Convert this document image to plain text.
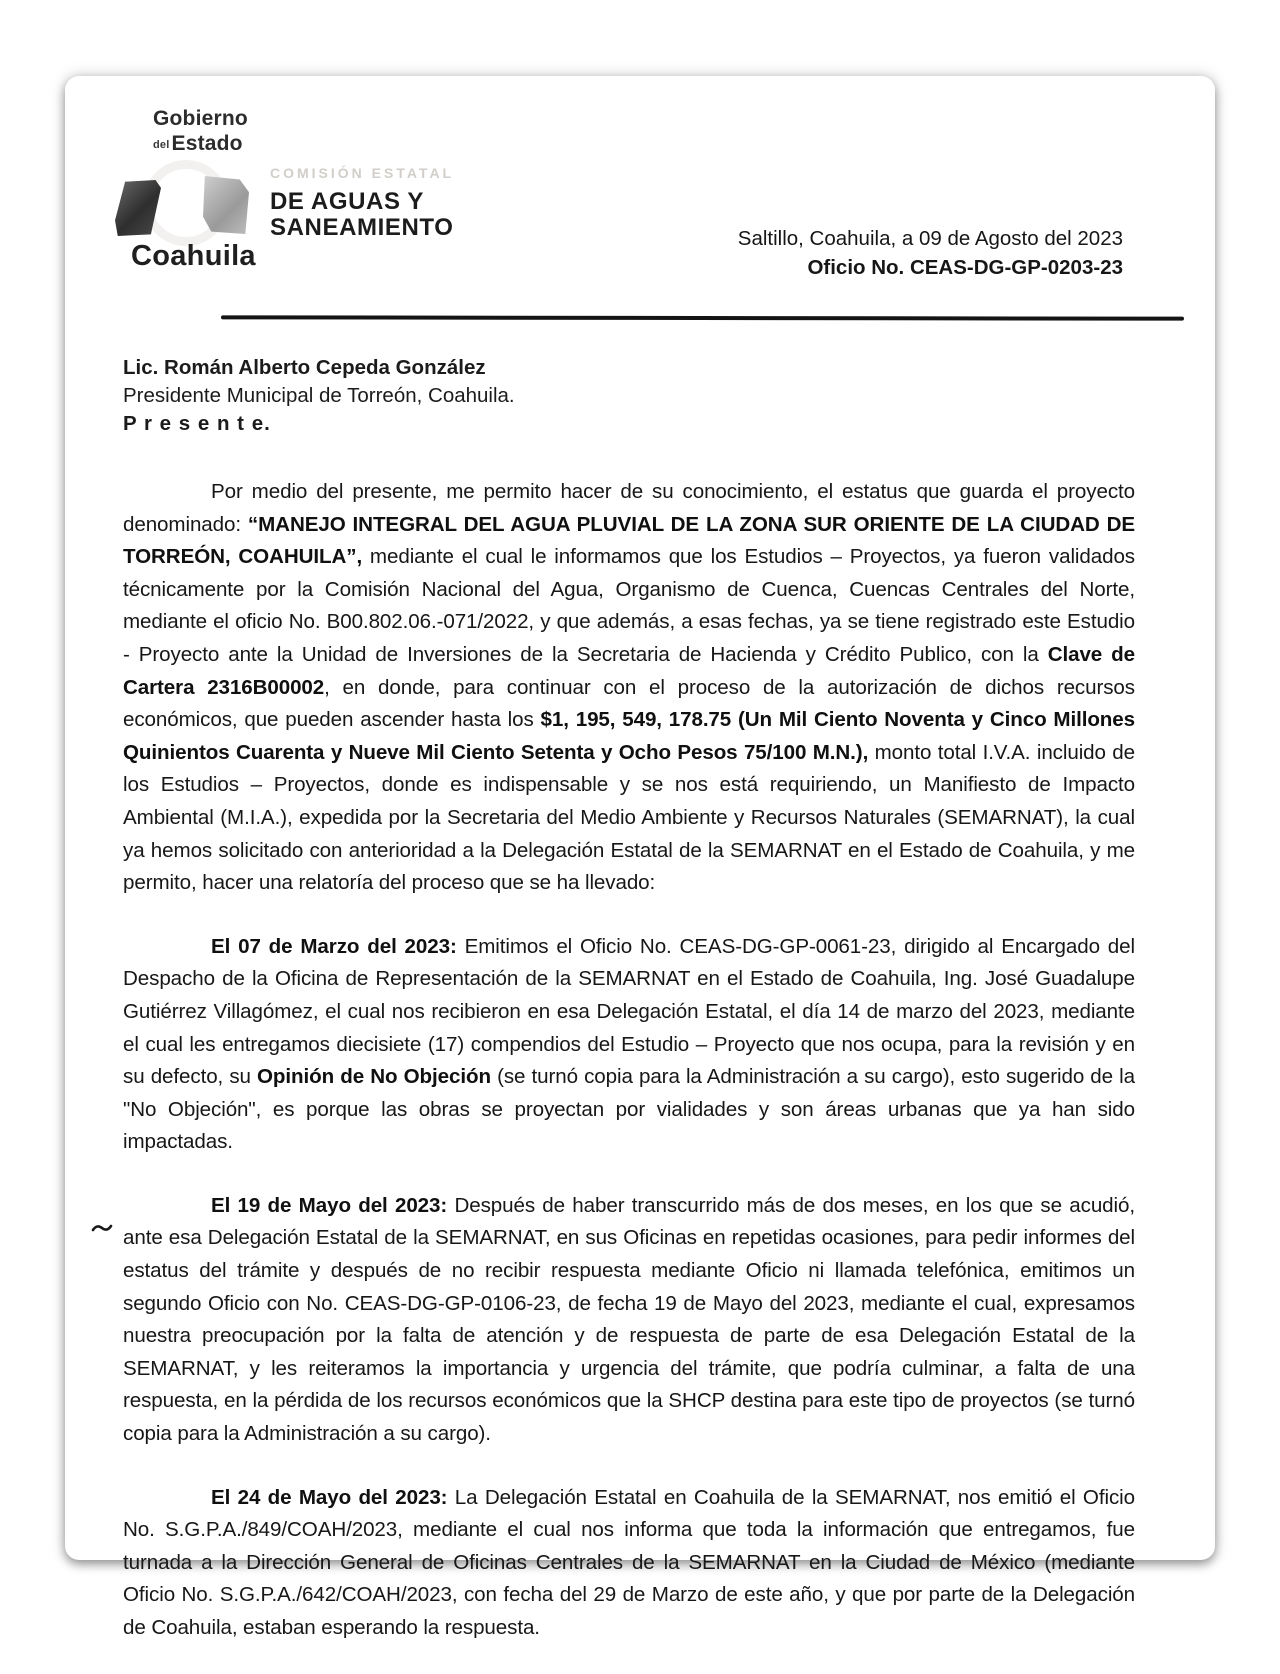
Gobierno
delEstado
Coahuila
COMISIÓN ESTATAL
DE AGUAS Y
SANEAMIENTO	Saltillo, Coahuila, a 09 de Agosto del 2023
Oficio No. CEAS-DG-GP-0203-23
Lic. Román Alberto Cepeda González
Presidente Municipal de Torreón, Coahuila.
P r e s e n t e.

Por medio del presente, me permito hacer de su conocimiento, el estatus que guarda el proyecto denominado: “MANEJO INTEGRAL DEL AGUA PLUVIAL DE LA ZONA SUR ORIENTE DE LA CIUDAD DE TORREÓN, COAHUILA”, mediante el cual le informamos que los Estudios – Proyectos, ya fueron validados técnicamente por la Comisión Nacional del Agua, Organismo de Cuenca, Cuencas Centrales del Norte, mediante el oficio No. B00.802.06.-071/2022, y que además, a esas fechas, ya se tiene registrado este Estudio - Proyecto ante la Unidad de Inversiones de la Secretaria de Hacienda y Crédito Publico, con la Clave de Cartera 2316B00002, en donde, para continuar con el proceso de la autorización de dichos recursos económicos, que pueden ascender hasta los $1, 195, 549, 178.75 (Un Mil Ciento Noventa y Cinco Millones Quinientos Cuarenta y Nueve Mil Ciento Setenta y Ocho Pesos 75/100 M.N.), monto total I.V.A. incluido de los Estudios – Proyectos, donde es indispensable y se nos está requiriendo, un Manifiesto de Impacto Ambiental (M.I.A.), expedida por la Secretaria del Medio Ambiente y Recursos Naturales (SEMARNAT), la cual ya hemos solicitado con anterioridad a la Delegación Estatal de la SEMARNAT en el Estado de Coahuila, y me permito, hacer una relatoría del proceso que se ha llevado:

El 07 de Marzo del 2023: Emitimos el Oficio No. CEAS-DG-GP-0061-23, dirigido al Encargado del Despacho de la Oficina de Representación de la SEMARNAT en el Estado de Coahuila, Ing. José Guadalupe Gutiérrez Villagómez, el cual nos recibieron en esa Delegación Estatal, el día 14 de marzo del 2023, mediante el cual les entregamos diecisiete (17) compendios del Estudio – Proyecto que nos ocupa, para la revisión y en su defecto, su Opinión de No Objeción (se turnó copia para la Administración a su cargo), esto sugerido de la "No Objeción", es porque las obras se proyectan por vialidades y son áreas urbanas que ya han sido impactadas.

El 19 de Mayo del 2023: Después de haber transcurrido más de dos meses, en los que se acudió, ante esa Delegación Estatal de la SEMARNAT, en sus Oficinas en repetidas ocasiones, para pedir informes del estatus del trámite y después de no recibir respuesta mediante Oficio ni llamada telefónica, emitimos un segundo Oficio con No. CEAS-DG-GP-0106-23, de fecha 19 de Mayo del 2023, mediante el cual, expresamos nuestra preocupación por la falta de atención y de respuesta de parte de esa Delegación Estatal de la SEMARNAT, y les reiteramos la importancia y urgencia del trámite, que podría culminar, a falta de una respuesta, en la pérdida de los recursos económicos que la SHCP destina para este tipo de proyectos (se turnó copia para la Administración a su cargo).

El 24 de Mayo del 2023: La Delegación Estatal en Coahuila de la SEMARNAT, nos emitió el Oficio No. S.G.P.A./849/COAH/2023, mediante el cual nos informa que toda la información que entregamos, fue turnada a la Dirección General de Oficinas Centrales de la SEMARNAT en la Ciudad de México (mediante Oficio No. S.G.P.A./642/COAH/2023, con fecha del 29 de Marzo de este año, y que por parte de la Delegación de Coahuila, estaban esperando la respuesta.
